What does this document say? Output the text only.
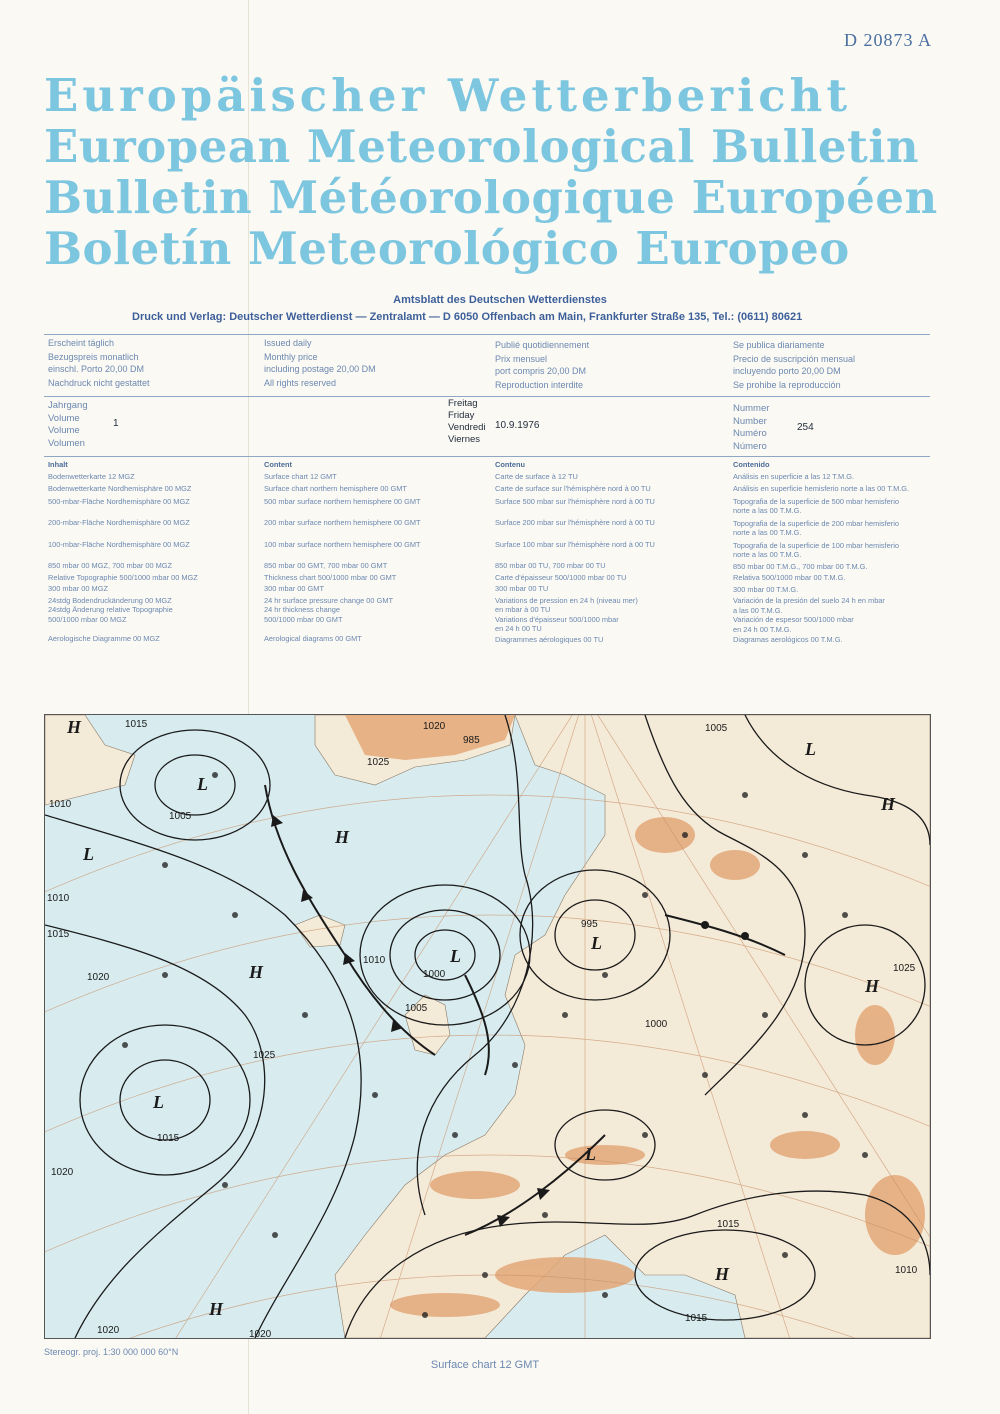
D 20873 A
Europäischer Wetterbericht
European Meteorological Bulletin
Bulletin Météorologique Européen
Boletín Meteorológico Europeo
Amtsblatt des Deutschen Wetterdienstes
Druck und Verlag: Deutscher Wetterdienst — Zentralamt — D 6050 Offenbach am Main, Frankfurter Straße 135, Tel.: (0611) 80621
Erscheint täglich
Bezugspreis monatlich
einschl. Porto 20,00 DM
Nachdruck nicht gestattet
Issued daily
Monthly price
including postage 20,00 DM
All rights reserved
Publié quotidiennement
Prix mensuel
port compris 20,00 DM
Reproduction interdite
Se publica diariamente
Precio de suscripción mensual
incluyendo porto 20,00 DM
Se prohibe la reproducción
Jahrgang
Volume
Volume
Volumen
1
Freitag
Friday
Vendredi
Viernes
10.9.1976
Nummer
Number
Numéro
Número
254
Inhalt
Bodenwetterkarte 12 MGZ
Bodenwetterkarte Nordhemisphäre 00 MGZ
500-mbar-Fläche Nordhemisphäre 00 MGZ
200-mbar-Fläche Nordhemisphäre 00 MGZ
100-mbar-Fläche Nordhemisphäre 00 MGZ
850 mbar 00 MGZ, 700 mbar 00 MGZ
Relative Topographie 500/1000 mbar 00 MGZ
300 mbar 00 MGZ
24stdg Bodendruckänderung 00 MGZ
24stdg Änderung relative Topographie
500/1000 mbar 00 MGZ
Aerologische Diagramme 00 MGZ
Content
Surface chart 12 GMT
Surface chart northern hemisphere 00 GMT
500 mbar surface northern hemisphere 00 GMT
200 mbar surface northern hemisphere 00 GMT
100 mbar surface northern hemisphere 00 GMT
850 mbar 00 GMT, 700 mbar 00 GMT
Thickness chart 500/1000 mbar 00 GMT
300 mbar 00 GMT
24 hr surface pressure change 00 GMT
24 hr thickness change
500/1000 mbar 00 GMT
Aerological diagrams 00 GMT
Contenu
Carte de surface à 12 TU
Carte de surface sur l'hémisphère nord à 00 TU
Surface 500 mbar sur l'hémisphère nord à 00 TU
Surface 200 mbar sur l'hémisphère nord à 00 TU
Surface 100 mbar sur l'hémisphère nord à 00 TU
850 mbar 00 TU, 700 mbar 00 TU
Carte d'épaisseur 500/1000 mbar 00 TU
300 mbar 00 TU
Variations de pression en 24 h (niveau mer)
en mbar à 00 TU
Variations d'épaisseur 500/1000 mbar
en 24 h 00 TU
Diagrammes aérologiques 00 TU
Contenido
Análisis en superficie a las 12 T.M.G.
Análisis en superficie hemisferio norte a las 00 T.M.G.
Topografia de la superficie de 500 mbar hemisferio
norte a las 00 T.M.G.
Topografia de la superficie de 200 mbar hemisferio
norte a las 00 T.M.G.
Topografia de la superficie de 100 mbar hemisferio
norte a las 00 T.M.G.
850 mbar 00 T.M.G., 700 mbar 00 T.M.G.
Relativa 500/1000 mbar 00 T.M.G.
300 mbar 00 T.M.G.
Variación de la presión del suelo 24 h en mbar
a las 00 T.M.G.
Variación de espesor 500/1000 mbar
en 24 h 00 T.M.G.
Diagramas aerológicos 00 T.M.G.
H
L
L
H
L
L
H
L
H
H
L
H
L
H
1015	1020
1010
1005
1025
1000
995
985
1020
1015
1010
1005
1025
1020
1015
1010
1000
1005
1015
1020
1010
1015
1020
1025
Stereogr. proj. 1:30 000 000 60°N
Surface chart 12 GMT
